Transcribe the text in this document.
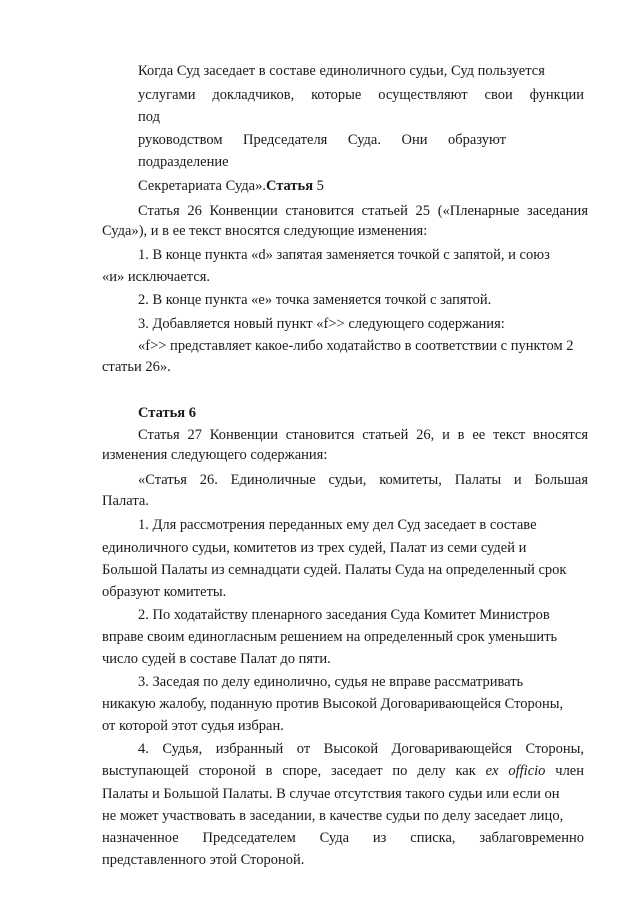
Когда Суд заседает в составе единоличного судьи, Суд пользуется
услугами докладчиков, которые осуществляют свои функции
под
руководством Председателя Суда. Они образуют
подразделение
Секретариата Суда».Статья 5
Статья 26 Конвенции становится статьей 25 («Пленарные заседания
Суда»), и в ее текст вносятся следующие изменения:
1. В конце пункта «d» запятая заменяется точкой с запятой, и союз
«и» исключается.
2. В конце пункта «е» точка заменяется точкой с запятой.
3. Добавляется новый пункт «f>> следующего содержания:
«f>> представляет какое-либо ходатайство в соответствии с пунктом 2
статьи 26».
Статья 6
Статья 27 Конвенции становится статьей 26, и в ее текст вносятся
изменения следующего содержания:
«Статья 26. Единоличные судьи, комитеты, Палаты и Большая
Палата.
1. Для рассмотрения переданных ему дел Суд заседает в составе
единоличного судьи, комитетов из трех судей, Палат из семи судей и
Большой Палаты из семнадцати судей. Палаты Суда на определенный срок
образуют комитеты.
2. По ходатайству пленарного заседания Суда Комитет Министров
вправе своим единогласным решением на определенный срок уменьшить
число судей в составе Палат до пяти.
3. Заседая по делу единолично, судья не вправе рассматривать
никакую жалобу, поданную против Высокой Договаривающейся Стороны,
от которой этот судья избран.
4. Судья, избранный от Высокой Договаривающейся Стороны,
выступающей стороной в споре, заседает по делу как ex officio член
Палаты и Большой Палаты. В случае отсутствия такого судьи или если он
не может участвовать в заседании, в качестве судьи по делу заседает лицо,
назначенное Председателем Суда из списка, заблаговременно
представленного этой Стороной.
